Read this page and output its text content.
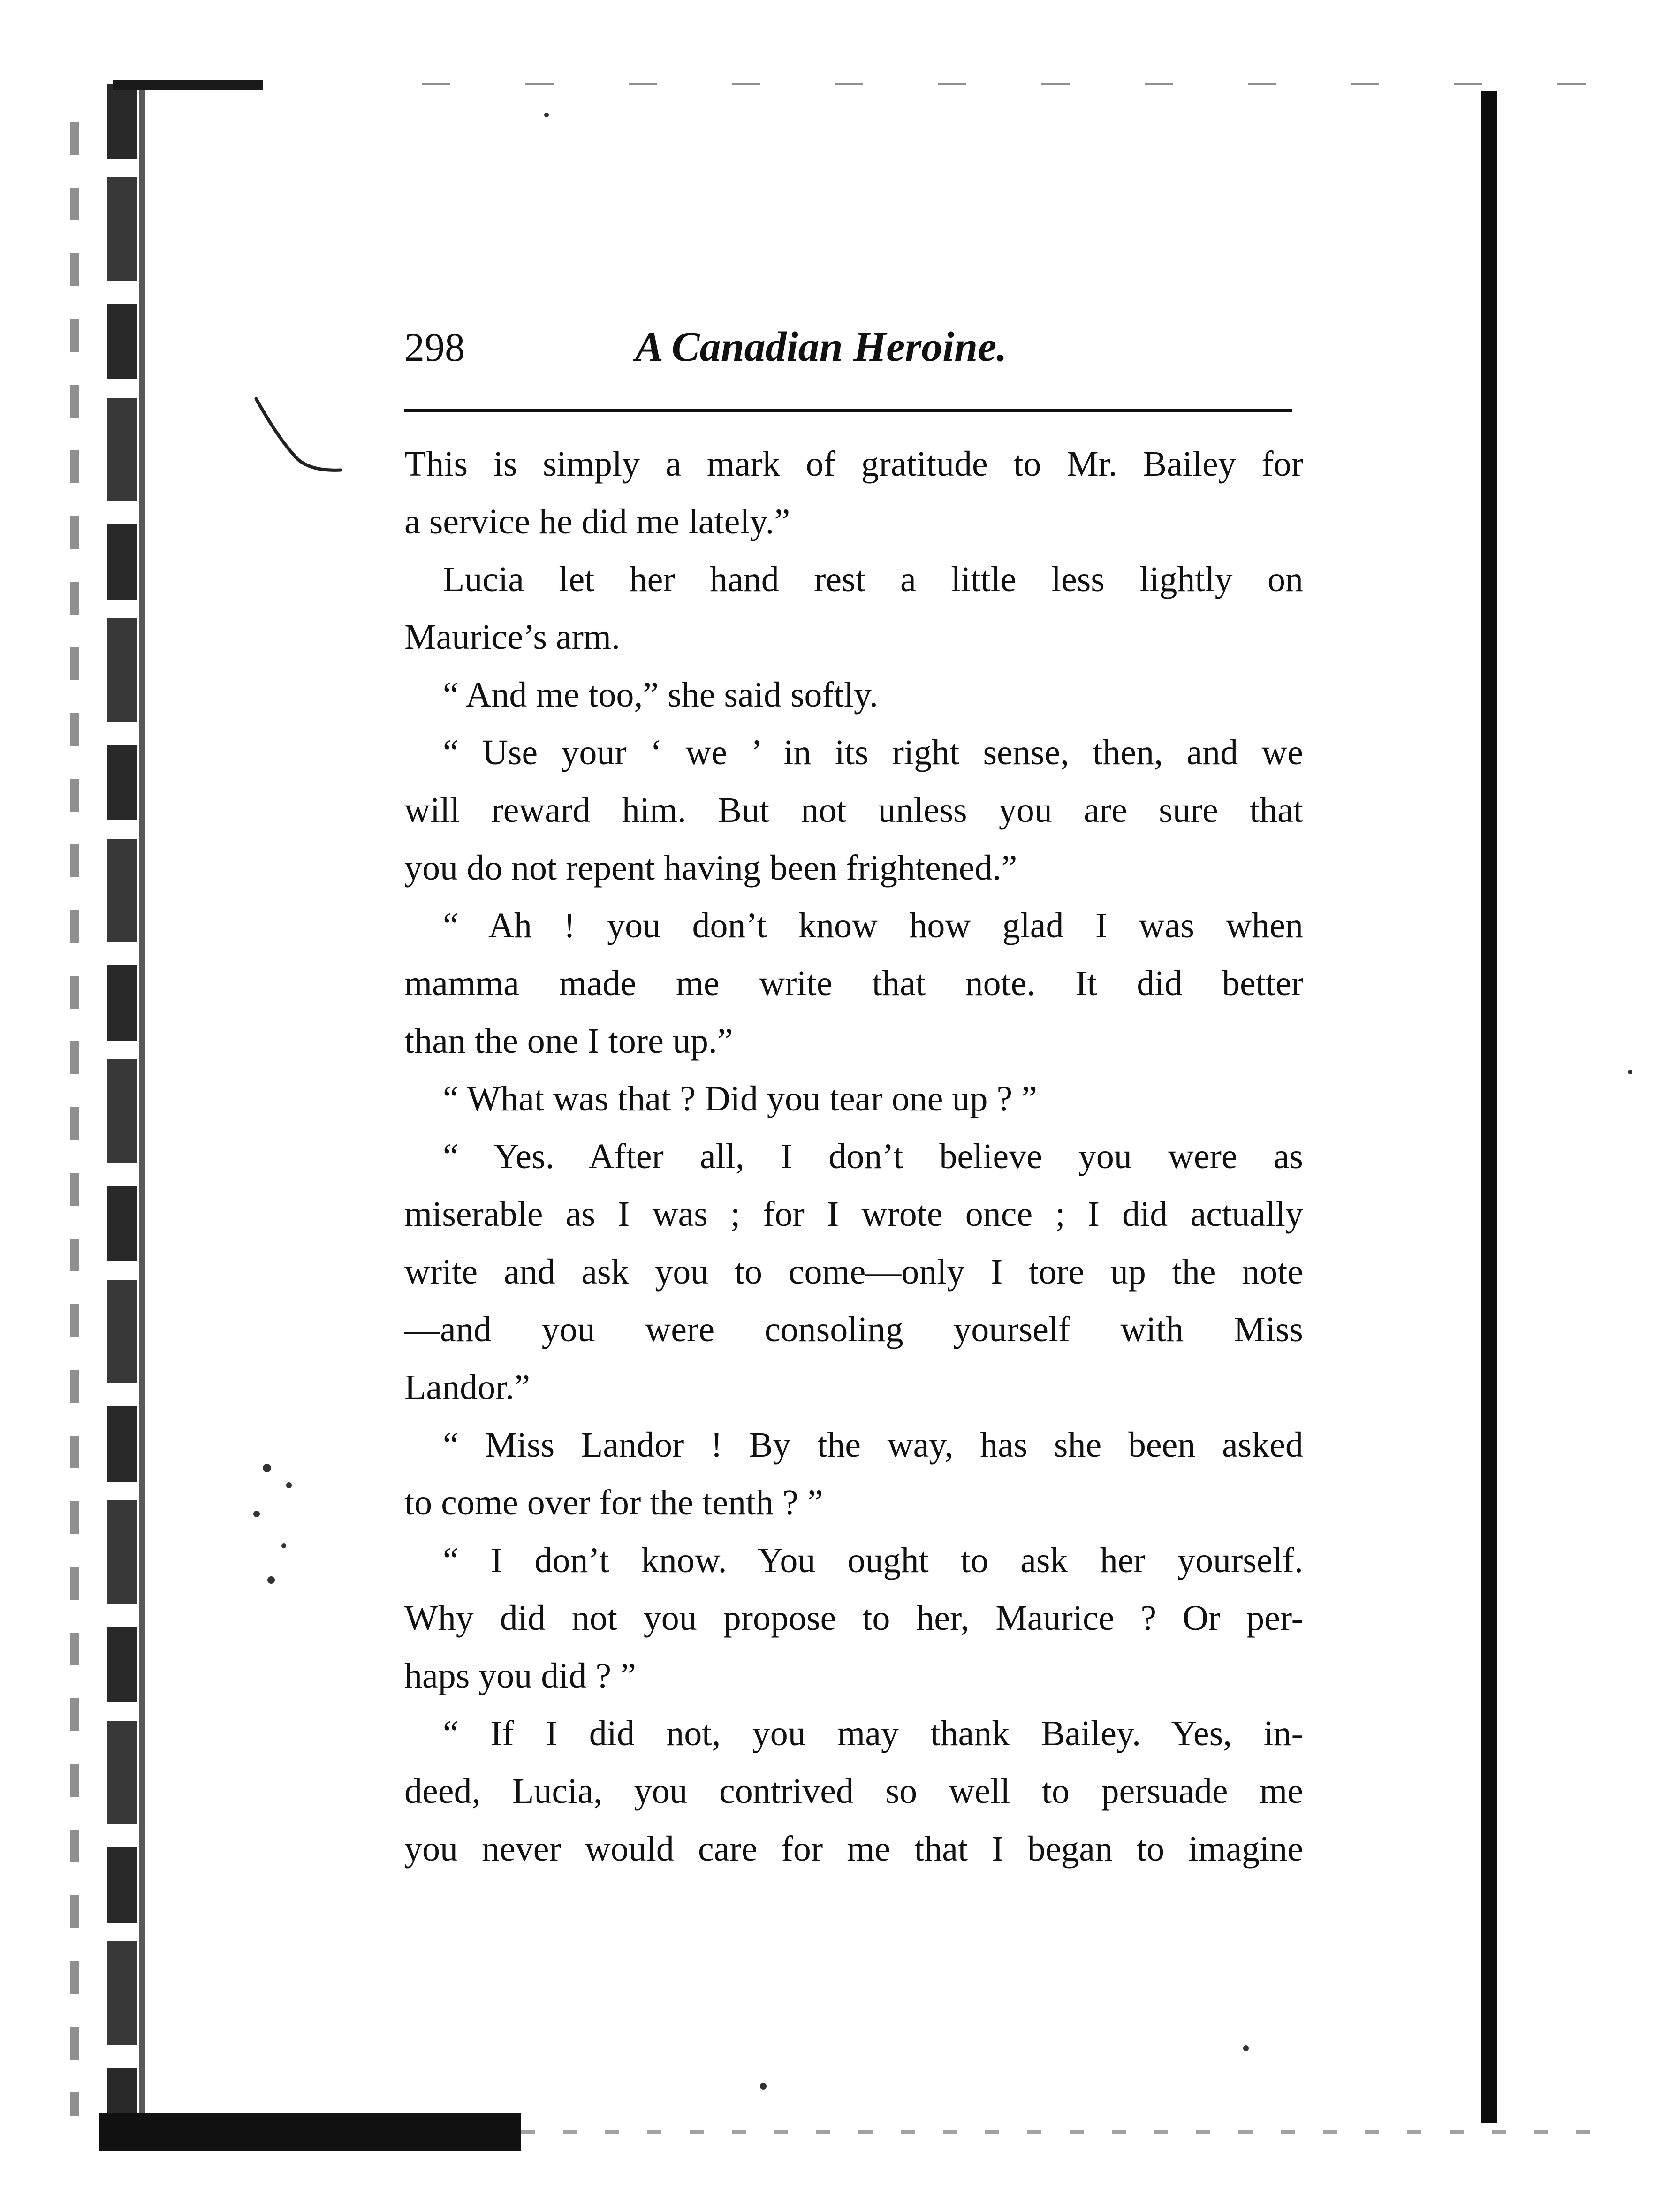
298	A Canadian Heroine.
This is simply a mark of gratitude to Mr. Bailey for
a service he did me lately.”
Lucia let her hand rest a little less lightly on
Maurice’s arm.
“ And me too,” she said softly.
“ Use your ‘ we ’ in its right sense, then, and we
will reward him. But not unless you are sure that
you do not repent having been frightened.”
“ Ah ! you don’t know how glad I was when
mamma made me write that note. It did better
than the one I tore up.”
“ What was that ? Did you tear one up ? ”
“ Yes. After all, I don’t believe you were as
miserable as I was ; for I wrote once ; I did actually
write and ask you to come—only I tore up the note
—and you were consoling yourself with Miss
Landor.”
“ Miss Landor ! By the way, has she been asked
to come over for the tenth ? ”
“ I don’t know. You ought to ask her yourself.
Why did not you propose to her, Maurice ? Or per-
haps you did ? ”
“ If I did not, you may thank Bailey. Yes, in-
deed, Lucia, you contrived so well to persuade me
you never would care for me that I began to imagine
